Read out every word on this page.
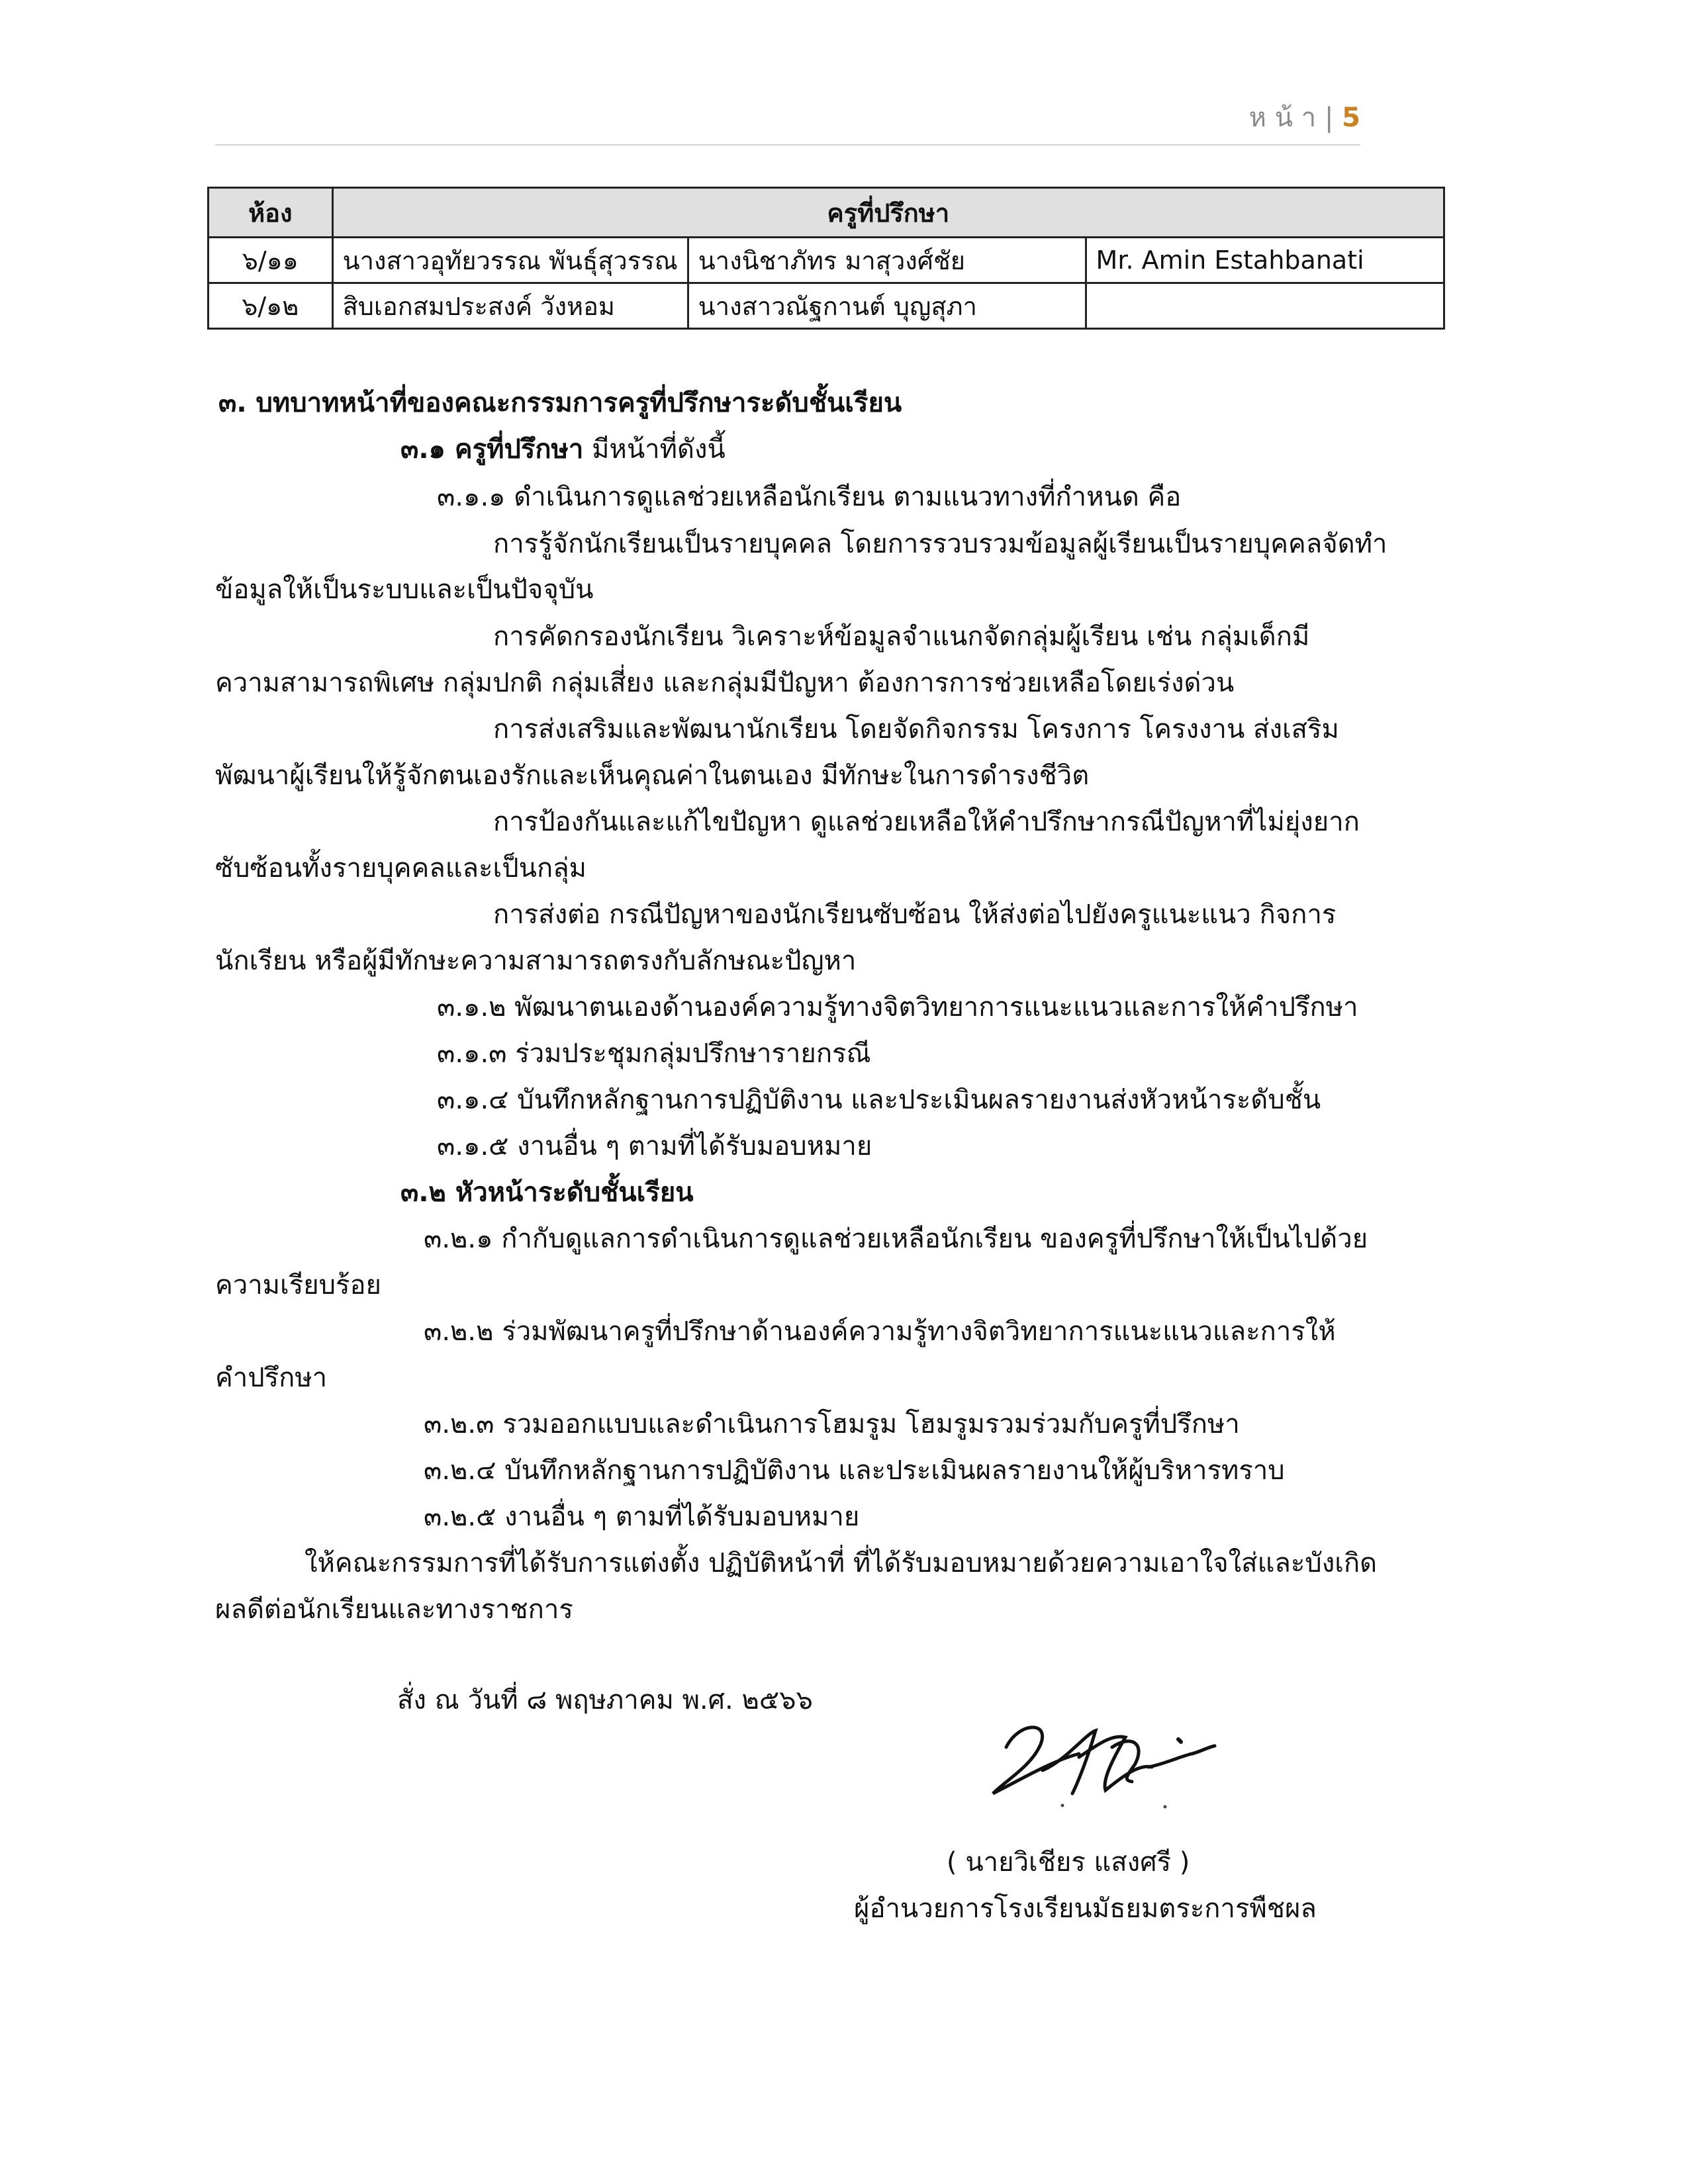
ห น้ า | 5
ห้อง	ครูที่ปรึกษา		
๖/๑๑	นางสาวอุทัยวรรณ พันธุ์สุวรรณ	นางนิชาภัทร มาสุวงศ์ชัย	Mr. Amin Estahbanati
๖/๑๒	สิบเอกสมประสงค์ วังหอม	นางสาวณัฐกานต์ บุญสุภา	
๓. บทบาทหน้าที่ของคณะกรรมการครูที่ปรึกษาระดับชั้นเรียน
๓.๑ ครูที่ปรึกษา มีหน้าที่ดังนี้
๓.๑.๑ ดำเนินการดูแลช่วยเหลือนักเรียน ตามแนวทางที่กำหนด คือ
การรู้จักนักเรียนเป็นรายบุคคล โดยการรวบรวมข้อมูลผู้เรียนเป็นรายบุคคลจัดทำ
ข้อมูลให้เป็นระบบและเป็นปัจจุบัน
การคัดกรองนักเรียน วิเคราะห์ข้อมูลจำแนกจัดกลุ่มผู้เรียน เช่น กลุ่มเด็กมี
ความสามารถพิเศษ กลุ่มปกติ กลุ่มเสี่ยง และกลุ่มมีปัญหา ต้องการการช่วยเหลือโดยเร่งด่วน
การส่งเสริมและพัฒนานักเรียน โดยจัดกิจกรรม โครงการ โครงงาน ส่งเสริม
พัฒนาผู้เรียนให้รู้จักตนเองรักและเห็นคุณค่าในตนเอง มีทักษะในการดำรงชีวิต
การป้องกันและแก้ไขปัญหา ดูแลช่วยเหลือให้คำปรึกษากรณีปัญหาที่ไม่ยุ่งยาก
ซับซ้อนทั้งรายบุคคลและเป็นกลุ่ม
การส่งต่อ กรณีปัญหาของนักเรียนซับซ้อน ให้ส่งต่อไปยังครูแนะแนว กิจการ
นักเรียน หรือผู้มีทักษะความสามารถตรงกับลักษณะปัญหา
๓.๑.๒ พัฒนาตนเองด้านองค์ความรู้ทางจิตวิทยาการแนะแนวและการให้คำปรึกษา
๓.๑.๓ ร่วมประชุมกลุ่มปรึกษารายกรณี
๓.๑.๔ บันทึกหลักฐานการปฏิบัติงาน และประเมินผลรายงานส่งหัวหน้าระดับชั้น
๓.๑.๕ งานอื่น ๆ ตามที่ได้รับมอบหมาย
๓.๒ หัวหน้าระดับชั้นเรียน
๓.๒.๑ กำกับดูแลการดำเนินการดูแลช่วยเหลือนักเรียน ของครูที่ปรึกษาให้เป็นไปด้วย
ความเรียบร้อย
๓.๒.๒ ร่วมพัฒนาครูที่ปรึกษาด้านองค์ความรู้ทางจิตวิทยาการแนะแนวและการให้
คำปรึกษา
๓.๒.๓ รวมออกแบบและดำเนินการโฮมรูม โฮมรูมรวมร่วมกับครูที่ปรึกษา
๓.๒.๔ บันทึกหลักฐานการปฏิบัติงาน และประเมินผลรายงานให้ผู้บริหารทราบ
๓.๒.๕ งานอื่น ๆ ตามที่ได้รับมอบหมาย
ให้คณะกรรมการที่ได้รับการแต่งตั้ง ปฏิบัติหน้าที่ ที่ได้รับมอบหมายด้วยความเอาใจใส่และบังเกิด
ผลดีต่อนักเรียนและทางราชการ
สั่ง ณ วันที่ ๘ พฤษภาคม พ.ศ. ๒๕๖๖
( นายวิเชียร แสงศรี )
ผู้อำนวยการโรงเรียนมัธยมตระการพืชผล
